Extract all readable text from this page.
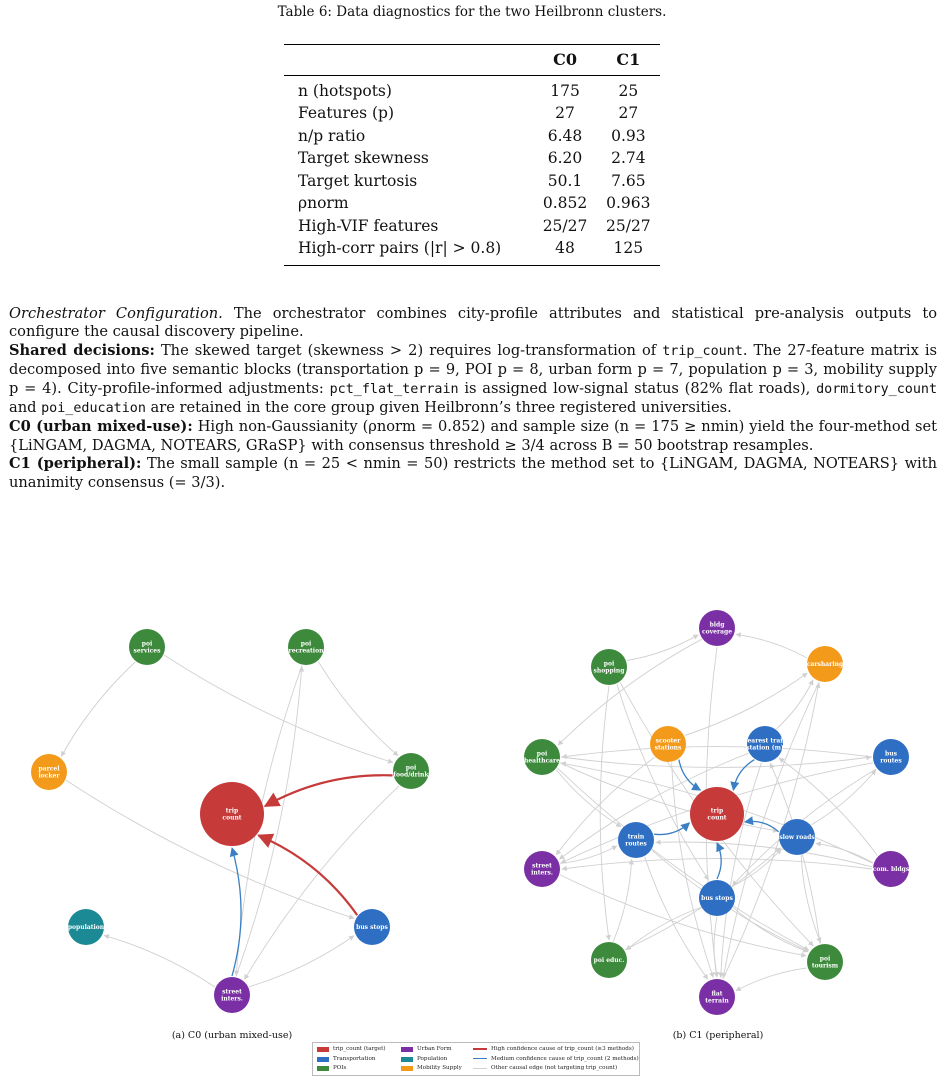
Table 6: Data diagnostics for the two Heilbronn clusters.
	C0	C1
n (hotspots)	175	25
Features (p)	27	27
n/p ratio	6.48	0.93
Target skewness	6.20	2.74
Target kurtosis	50.1	7.65
ρnorm	0.852	0.963
High-VIF features	25/27	25/27
High-corr pairs (|r| > 0.8)	48	125

Orchestrator Configuration. The orchestrator combines city-profile attributes and statistical pre-analysis outputs to configure the causal discovery pipeline.

Shared decisions: The skewed target (skewness > 2) requires log-transformation of trip_count. The 27-feature matrix is decomposed into five semantic blocks (transportation p = 9, POI p = 8, urban form p = 7, population p = 3, mobility supply p = 4). City-profile-informed adjustments: pct_flat_terrain is assigned low-signal status (82% flat roads), dormitory_count and poi_education are retained in the core group given Heilbronn’s three registered universities.

C0 (urban mixed-use): High non-Gaussianity (ρnorm = 0.852) and sample size (n = 175 ≥ nmin) yield the four-method set {LiNGAM, DAGMA, NOTEARS, GRaSP} with consensus threshold ≥ 3/4 across B = 50 bootstrap resamples.

C1 (peripheral): The small sample (n = 25 < nmin = 50) restricts the method set to {LiNGAM, DAGMA, NOTEARS} with unanimity consensus (= 3/3).

poi
services
poi
recreation
parcel
locker
poi
food/drink
trip
count
population	bus stops
street
inters.
bldg
coverage
poi
shopping
carsharing
scooter
stations
nearest train
station (m)
poi
healthcare
bus
routes
trip
count
train
routes
slow roads
street
inters.	com. bldgs
bus stops
poi educ.	poi
tourism
flat
terrain
(a) C0 (urban mixed-use)	(b) C1 (peripheral)
trip_count (target)
Transportation
POIs
Urban Form
Population
Mobility Supply
High confidence cause of trip_count (≥3 methods)
Medium confidence cause of trip_count (2 methods)
Other causal edge (not targeting trip_count)
